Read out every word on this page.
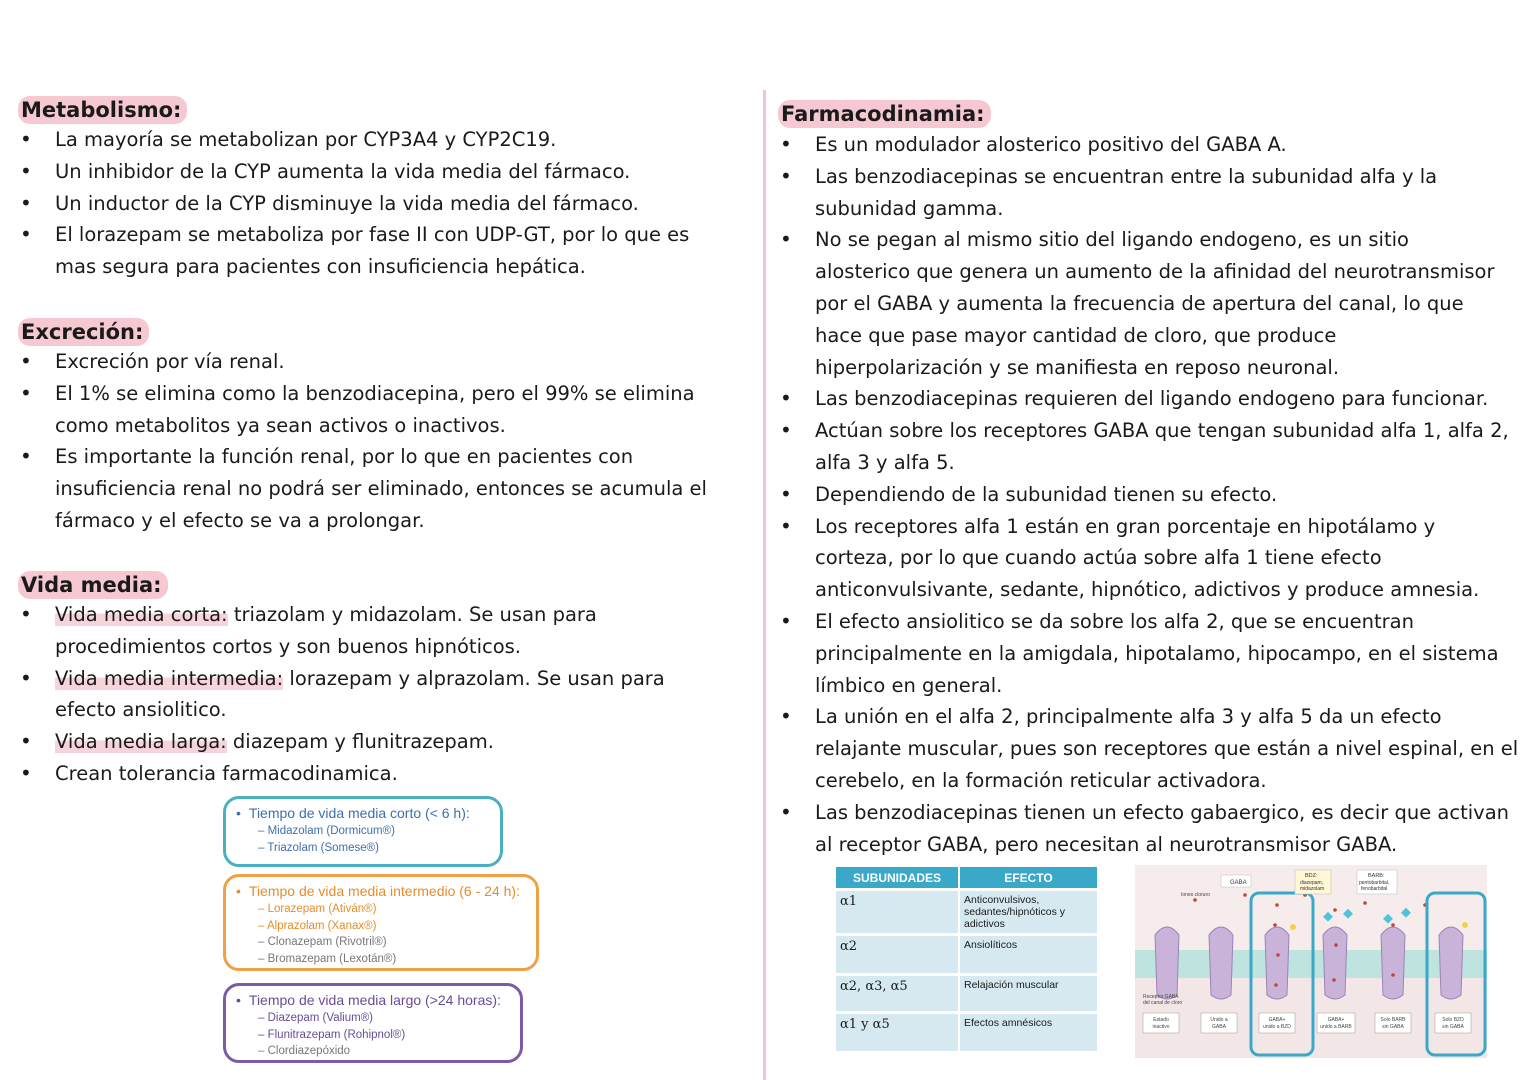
Metabolismo:
• La mayoría se metabolizan por CYP3A4 y CYP2C19.
• Un inhibidor de la CYP aumenta la vida media del fármaco.
• Un inductor de la CYP disminuye la vida media del fármaco.
• El lorazepam se metaboliza por fase II con UDP-GT, por lo que es mas segura para pacientes con insuficiencia hepática.
Excreción:
• Excreción por vía renal.
• El 1% se elimina como la benzodiacepina, pero el 99% se elimina como metabolitos ya sean activos o inactivos.
• Es importante la función renal, por lo que en pacientes con insuficiencia renal no podrá ser eliminado, entonces se acumula el fármaco y el efecto se va a prolongar.
Vida media:
• Vida media corta: triazolam y midazolam. Se usan para procedimientos cortos y son buenos hipnóticos.
• Vida media intermedia: lorazepam y alprazolam. Se usan para efecto ansiolitico.
• Vida media larga: diazepam y flunitrazepam.
• Crean tolerancia farmacodinamica.
• Tiempo de vida media corto (< 6 h):
– Midazolam (Dormicum®)
– Triazolam (Somese®)
• Tiempo de vida media intermedio (6 - 24 h):
– Lorazepam (Ativán®)
– Alprazolam (Xanax®)
– Clonazepam (Rivotril®)
– Bromazepam (Lexotán®)
• Tiempo de vida media largo (>24 horas):
– Diazepam (Valium®)
– Flunitrazepam (Rohipnol®)
– Clordiazepóxido
Farmacodinamia:
• Es un modulador alosterico positivo del GABA A.
• Las benzodiacepinas se encuentran entre la subunidad alfa y la subunidad gamma.
• No se pegan al mismo sitio del ligando endogeno, es un sitio alosterico que genera un aumento de la afinidad del neurotransmisor por el GABA y aumenta la frecuencia de apertura del canal, lo que hace que pase mayor cantidad de cloro, que produce hiperpolarización y se manifiesta en reposo neuronal.
• Las benzodiacepinas requieren del ligando endogeno para funcionar.
• Actúan sobre los receptores GABA que tengan subunidad alfa 1, alfa 2, alfa 3 y alfa 5.
• Dependiendo de la subunidad tienen su efecto.
• Los receptores alfa 1 están en gran porcentaje en hipotálamo y corteza, por lo que cuando actúa sobre alfa 1 tiene efecto anticonvulsivante, sedante, hipnótico, adictivos y produce amnesia.
• El efecto ansiolitico se da sobre los alfa 2, que se encuentran principalmente en la amigdala, hipotalamo, hipocampo, en el sistema límbico en general.
• La unión en el alfa 2, principalmente alfa 3 y alfa 5 da un efecto relajante muscular, pues son receptores que están a nivel espinal, en el cerebelo, en la formación reticular activadora.
• Las benzodiacepinas tienen un efecto gabaergico, es decir que activan al receptor GABA, pero necesitan al neurotransmisor GABA.
SUBUNIDADES	EFECTO
α1	Anticonvulsivos, sedantes/hipnóticos y adictivos
α2	Ansiolíticos
α2, α3, α5	Relajación muscular
α1 y α5	Efectos amnésicos
GABA
BDZ:
diazepam,
midazolam
BARB:
pentobarbital,
fenobarbital
Iones cloruro
Receptor GABA
del canal de cloro
Estado
inactivo
Unido a
GABA
GABA+
unido a BZD
GABA+
unido a BARB
Solo BARB
sin GABA
Solo BZD
sin GABA
